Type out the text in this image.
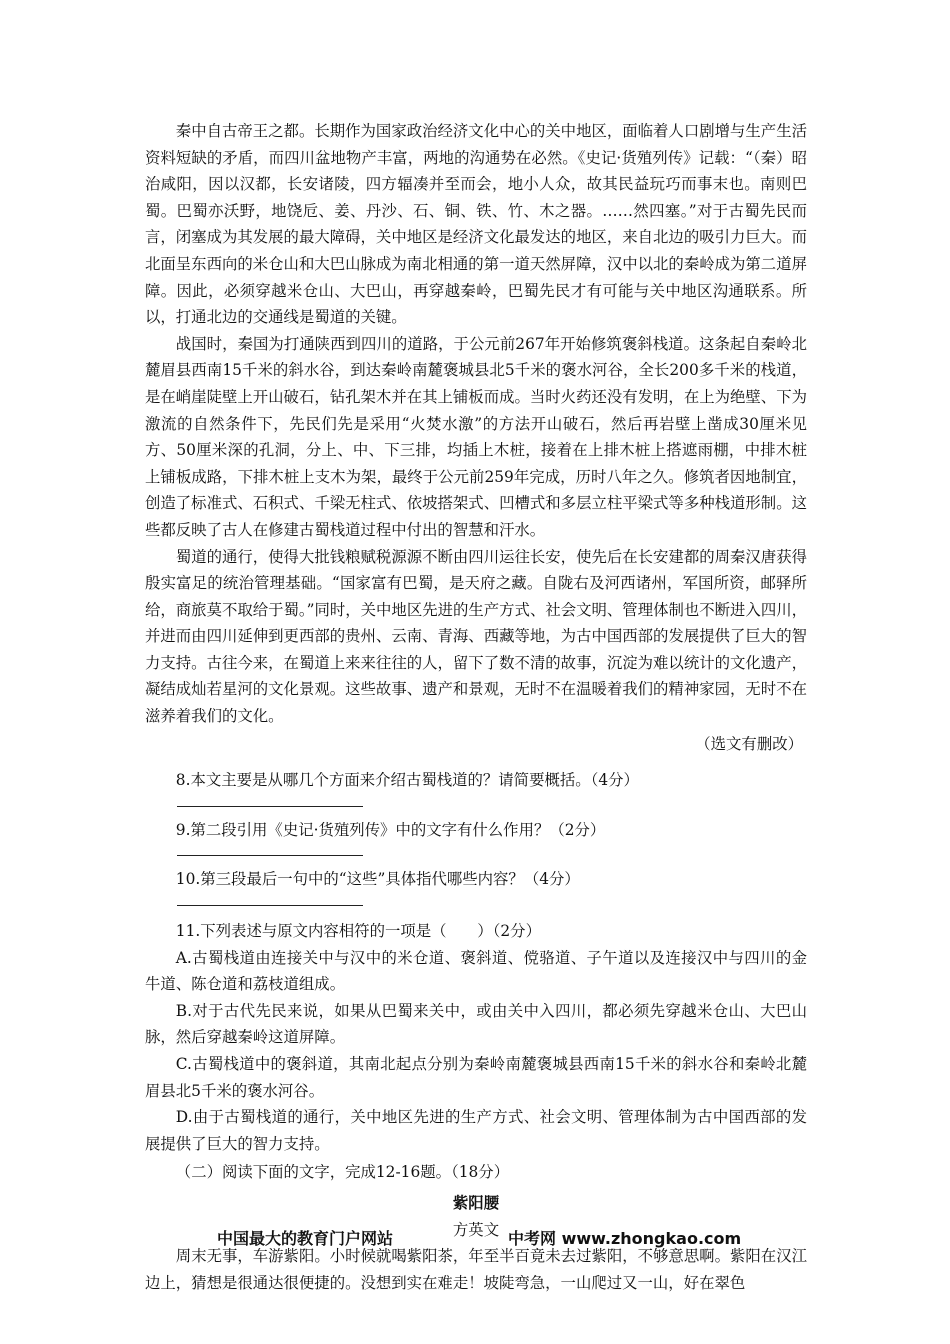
秦中自古帝王之都。长期作为国家政治经济文化中心的关中地区，面临着人口剧增与生产生活资料短缺的矛盾，而四川盆地物产丰富，两地的沟通势在必然。《史记·货殖列传》记载：“（秦）昭治咸阳，因以汉都，长安诸陵，四方辐凑并至而会，地小人众，故其民益玩巧而事末也。南则巴蜀。巴蜀亦沃野，地饶卮、姜、丹沙、石、铜、铁、竹、木之器。……然四塞。”对于古蜀先民而言，闭塞成为其发展的最大障碍，关中地区是经济文化最发达的地区，来自北边的吸引力巨大。而北面呈东西向的米仓山和大巴山脉成为南北相通的第一道天然屏障，汉中以北的秦岭成为第二道屏障。因此，必须穿越米仓山、大巴山，再穿越秦岭，巴蜀先民才有可能与关中地区沟通联系。所以，打通北边的交通线是蜀道的关键。

战国时，秦国为打通陕西到四川的道路，于公元前267年开始修筑褒斜栈道。这条起自秦岭北麓眉县西南15千米的斜水谷，到达秦岭南麓褒城县北5千米的褒水河谷，全长200多千米的栈道，是在峭崖陡壁上开山破石，钻孔架木并在其上铺板而成。当时火药还没有发明，在上为绝壁、下为激流的自然条件下，先民们先是采用“火焚水激”的方法开山破石，然后再岩壁上凿成30厘米见方、50厘米深的孔洞，分上、中、下三排，均插上木桩，接着在上排木桩上搭遮雨棚，中排木桩上铺板成路，下排木桩上支木为架，最终于公元前259年完成，历时八年之久。修筑者因地制宜，创造了标准式、石积式、千梁无柱式、依坡搭架式、凹槽式和多层立柱平梁式等多种栈道形制。这些都反映了古人在修建古蜀栈道过程中付出的智慧和汗水。

蜀道的通行，使得大批钱粮赋税源源不断由四川运往长安，使先后在长安建都的周秦汉唐获得殷实富足的统治管理基础。“国家富有巴蜀，是天府之藏。自陇右及河西诸州，军国所资，邮驿所给，商旅莫不取给于蜀。”同时，关中地区先进的生产方式、社会文明、管理体制也不断进入四川，并进而由四川延伸到更西部的贵州、云南、青海、西藏等地，为古中国西部的发展提供了巨大的智力支持。古往今来，在蜀道上来来往往的人，留下了数不清的故事，沉淀为难以统计的文化遗产，凝结成灿若星河的文化景观。这些故事、遗产和景观，无时不在温暖着我们的精神家园，无时不在滋养着我们的文化。

（选文有删改）

8.本文主要是从哪几个方面来介绍古蜀栈道的？请简要概括。（4分）

9.第二段引用《史记·货殖列传》中的文字有什么作用？（2分）

10.第三段最后一句中的“这些”具体指代哪些内容？（4分）

11.下列表述与原文内容相符的一项是（　　）（2分）

A.古蜀栈道由连接关中与汉中的米仓道、褒斜道、傥骆道、子午道以及连接汉中与四川的金牛道、陈仓道和荔枝道组成。

B.对于古代先民来说，如果从巴蜀来关中，或由关中入四川，都必须先穿越米仓山、大巴山脉，然后穿越秦岭这道屏障。

C.古蜀栈道中的褒斜道，其南北起点分别为秦岭南麓褒城县西南15千米的斜水谷和秦岭北麓眉县北5千米的褒水河谷。

D.由于古蜀栈道的通行，关中地区先进的生产方式、社会文明、管理体制为古中国西部的发展提供了巨大的智力支持。

（二）阅读下面的文字，完成12-16题。（18分）

紫阳腰

方英文

周末无事，车游紫阳。小时候就喝紫阳茶，年至半百竟未去过紫阳，不够意思啊。紫阳在汉江边上，猜想是很通达很便捷的。没想到实在难走！坡陡弯急，一山爬过又一山，好在翠色

中国最大的教育门户网站	中考网 www.zhongkao.com
